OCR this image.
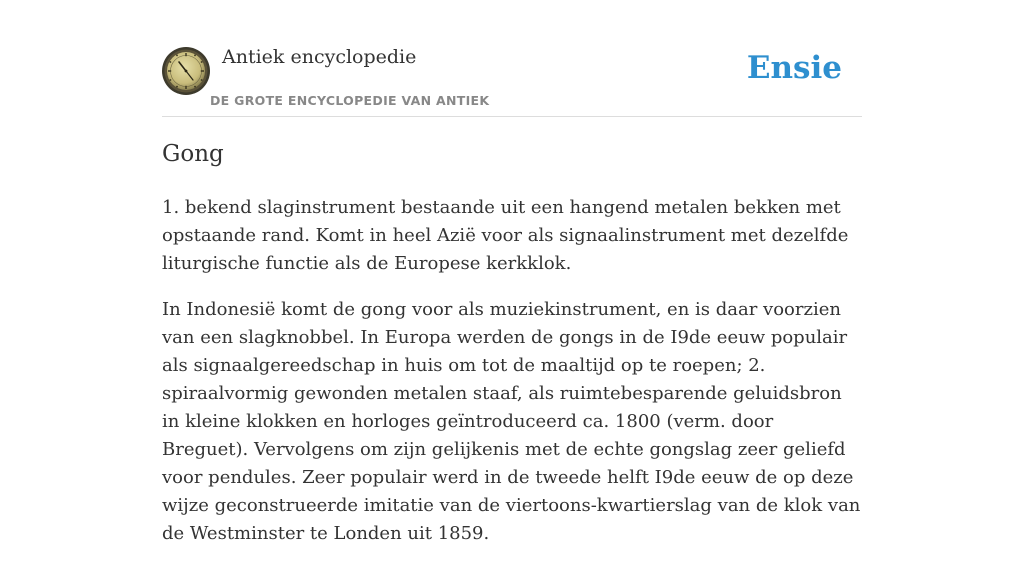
Antiek encyclopedie
DE GROTE ENCYCLOPEDIE VAN ANTIEK
Ensie
Gong

1. bekend slaginstrument bestaande uit een hangend metalen bekken met opstaande rand. Komt in heel Azië voor als signaalinstrument met dezelfde liturgische functie als de Europese kerkklok.

In Indonesië komt de gong voor als muziekinstrument, en is daar voorzien van een slagknobbel. In Europa werden de gongs in de I9de eeuw populair als signaalgereedschap in huis om tot de maaltijd op te roepen; 2. spiraalvormig gewonden metalen staaf, als ruimtebesparende geluidsbron in kleine klokken en horloges geïntroduceerd ca. 1800 (verm. door Breguet). Vervolgens om zijn gelijkenis met de echte gongslag zeer geliefd voor pendules. Zeer populair werd in de tweede helft I9de eeuw de op deze wijze geconstrueerde imitatie van de viertoons-kwartierslag van de klok van de Westminster te Londen uit 1859.
